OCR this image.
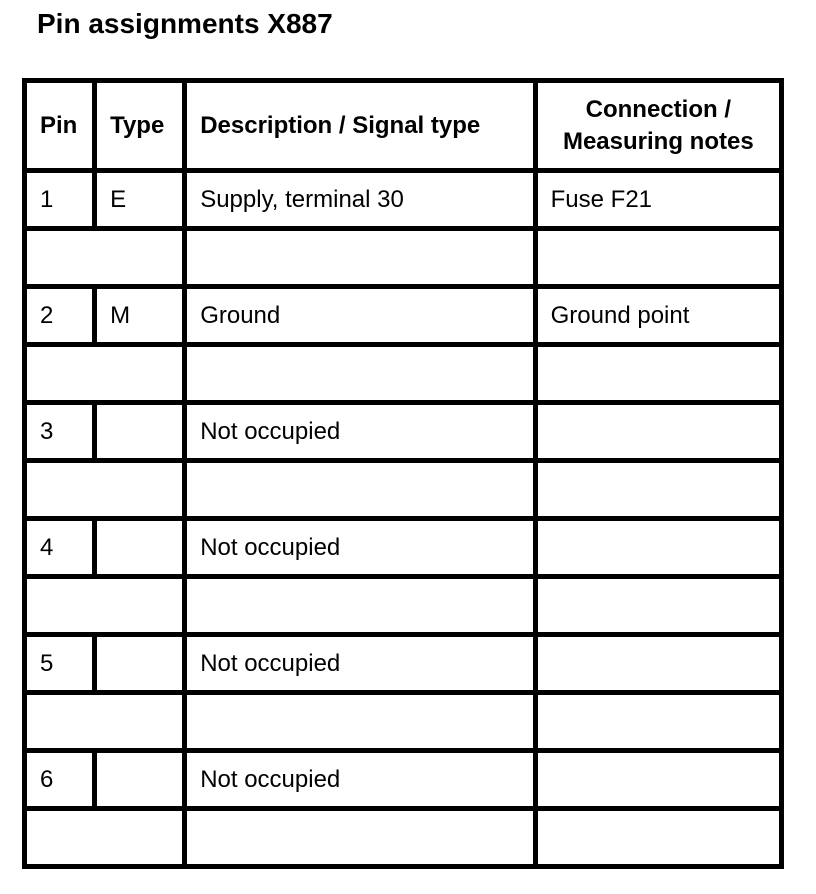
Pin assignments X887
Pin	Type	Description / Signal type	Connection /
Measuring notes
1	E	Supply, terminal 30	Fuse F21

2	M	Ground	Ground point

3		Not occupied	

4		Not occupied	

5		Not occupied	

6		Not occupied	
